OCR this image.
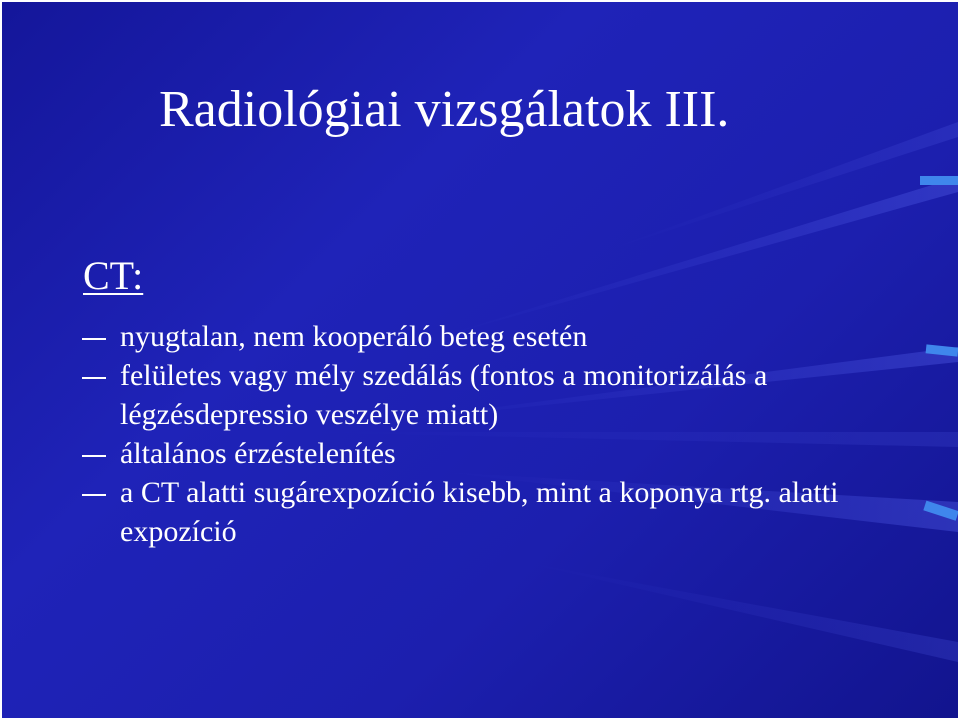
Radiológiai vizsgálatok III.
CT:
nyugtalan, nem kooperáló beteg esetén
felületes vagy mély szedálás (fontos a monitorizálás a légzésdepressio veszélye miatt)
általános érzéstelenítés
a CT alatti sugárexpozíció kisebb, mint a koponya rtg. alatti expozíció
